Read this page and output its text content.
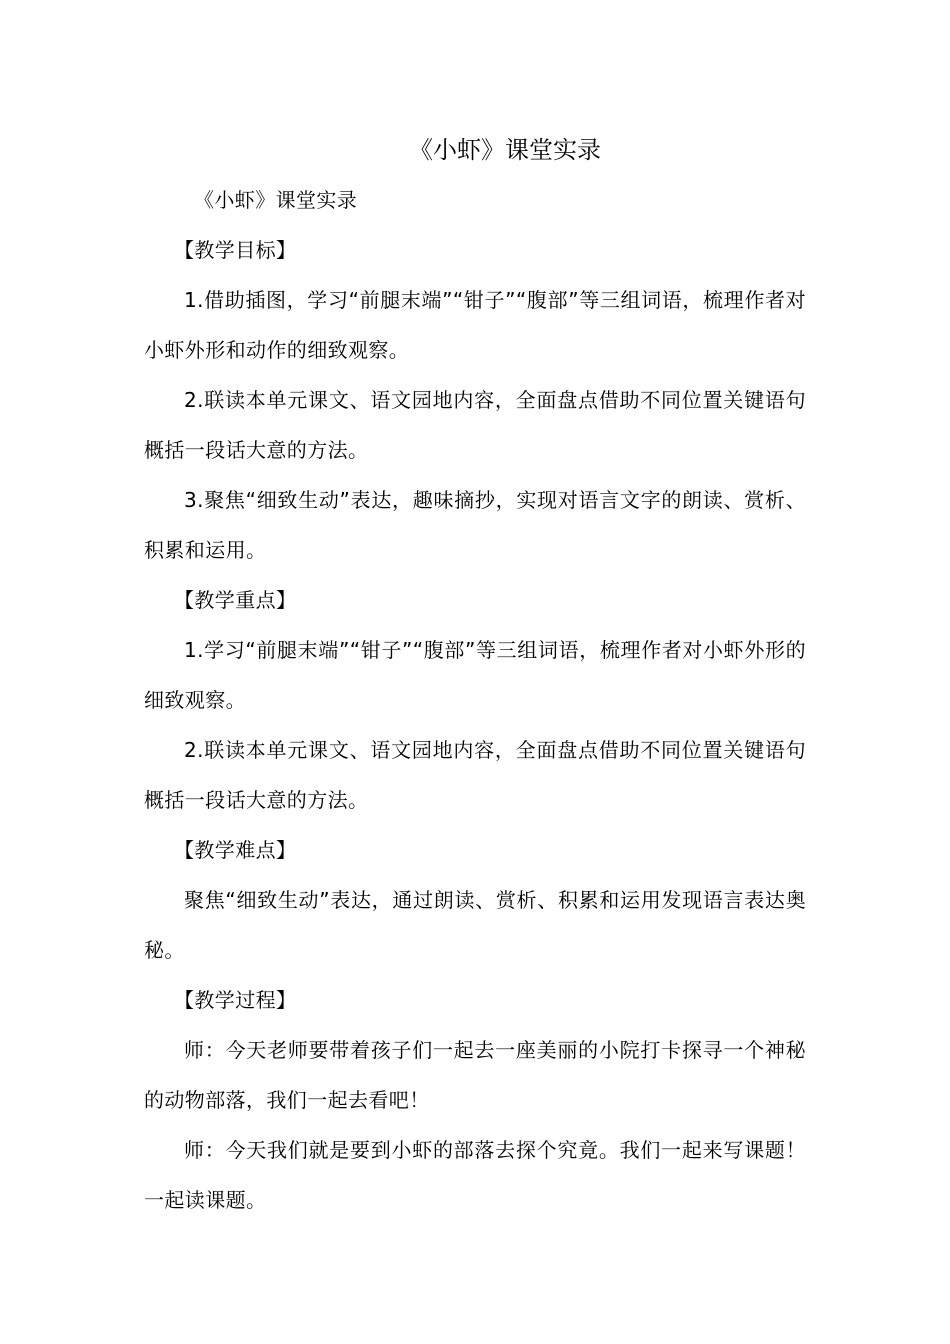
《小虾》课堂实录

《小虾》课堂实录

【教学目标】

1.借助插图，学习“前腿末端”“钳子”“腹部”等三组词语，梳理作者对小虾外形和动作的细致观察。

2.联读本单元课文、语文园地内容，全面盘点借助不同位置关键语句概括一段话大意的方法。

3.聚焦“细致生动”表达，趣味摘抄，实现对语言文字的朗读、赏析、积累和运用。

【教学重点】

1.学习“前腿末端”“钳子”“腹部”等三组词语，梳理作者对小虾外形的细致观察。

2.联读本单元课文、语文园地内容，全面盘点借助不同位置关键语句概括一段话大意的方法。

【教学难点】

聚焦“细致生动”表达，通过朗读、赏析、积累和运用发现语言表达奥秘。

【教学过程】

师：今天老师要带着孩子们一起去一座美丽的小院打卡探寻一个神秘的动物部落，我们一起去看吧！

师：今天我们就是要到小虾的部落去探个究竟。我们一起来写课题！一起读课题。
